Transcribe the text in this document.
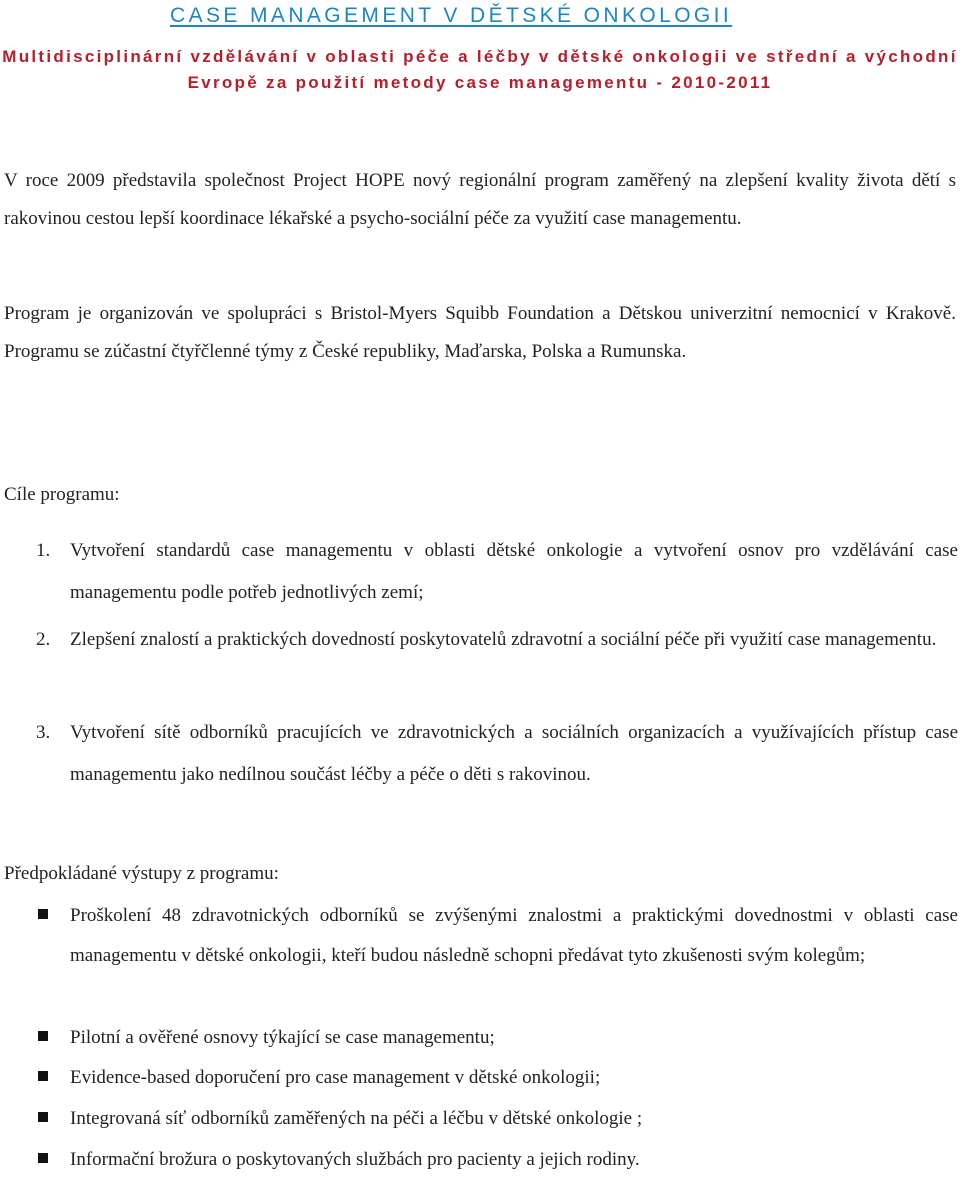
CASE MANAGEMENT V DĚTSKÉ ONKOLOGII
Multidisciplinární vzdělávání v oblasti péče a léčby v dětské onkologii ve střední a východní Evropě za použití metody case managementu - 2010-2011

V roce 2009 představila společnost Project HOPE nový regionální program zaměřený na zlepšení kvality života dětí s rakovinou cestou lepší koordinace lékařské a psycho-sociální péče za využití case managementu.

Program je organizován ve spolupráci s Bristol-Myers Squibb Foundation a Dětskou univerzitní nemocnicí v Krakově. Programu se zúčastní čtyřčlenné týmy z České republiky, Maďarska, Polska a Rumunska.

Cíle programu:

1. Vytvoření standardů case managementu v oblasti dětské onkologie a vytvoření osnov pro vzdělávání case managementu podle potřeb jednotlivých zemí;
2. Zlepšení znalostí a praktických dovedností poskytovatelů zdravotní a sociální péče při využití case managementu.
3. Vytvoření sítě odborníků pracujících ve zdravotnických a sociálních organizacích a využívajících přístup case managementu jako nedílnou součást léčby a péče o děti s rakovinou.

Předpokládané výstupy z programu:

Proškolení 48 zdravotnických odborníků se zvýšenými znalostmi a praktickými dovednostmi v oblasti case managementu v dětské onkologii, kteří budou následně schopni předávat tyto zkušenosti svým kolegům;
Pilotní a ověřené osnovy týkající se case managementu;
Evidence-based doporučení pro case management v dětské onkologii;
Integrovaná síť odborníků zaměřených na péči a léčbu v dětské onkologie ;
Informační brožura o poskytovaných službách pro pacienty a jejich rodiny.
